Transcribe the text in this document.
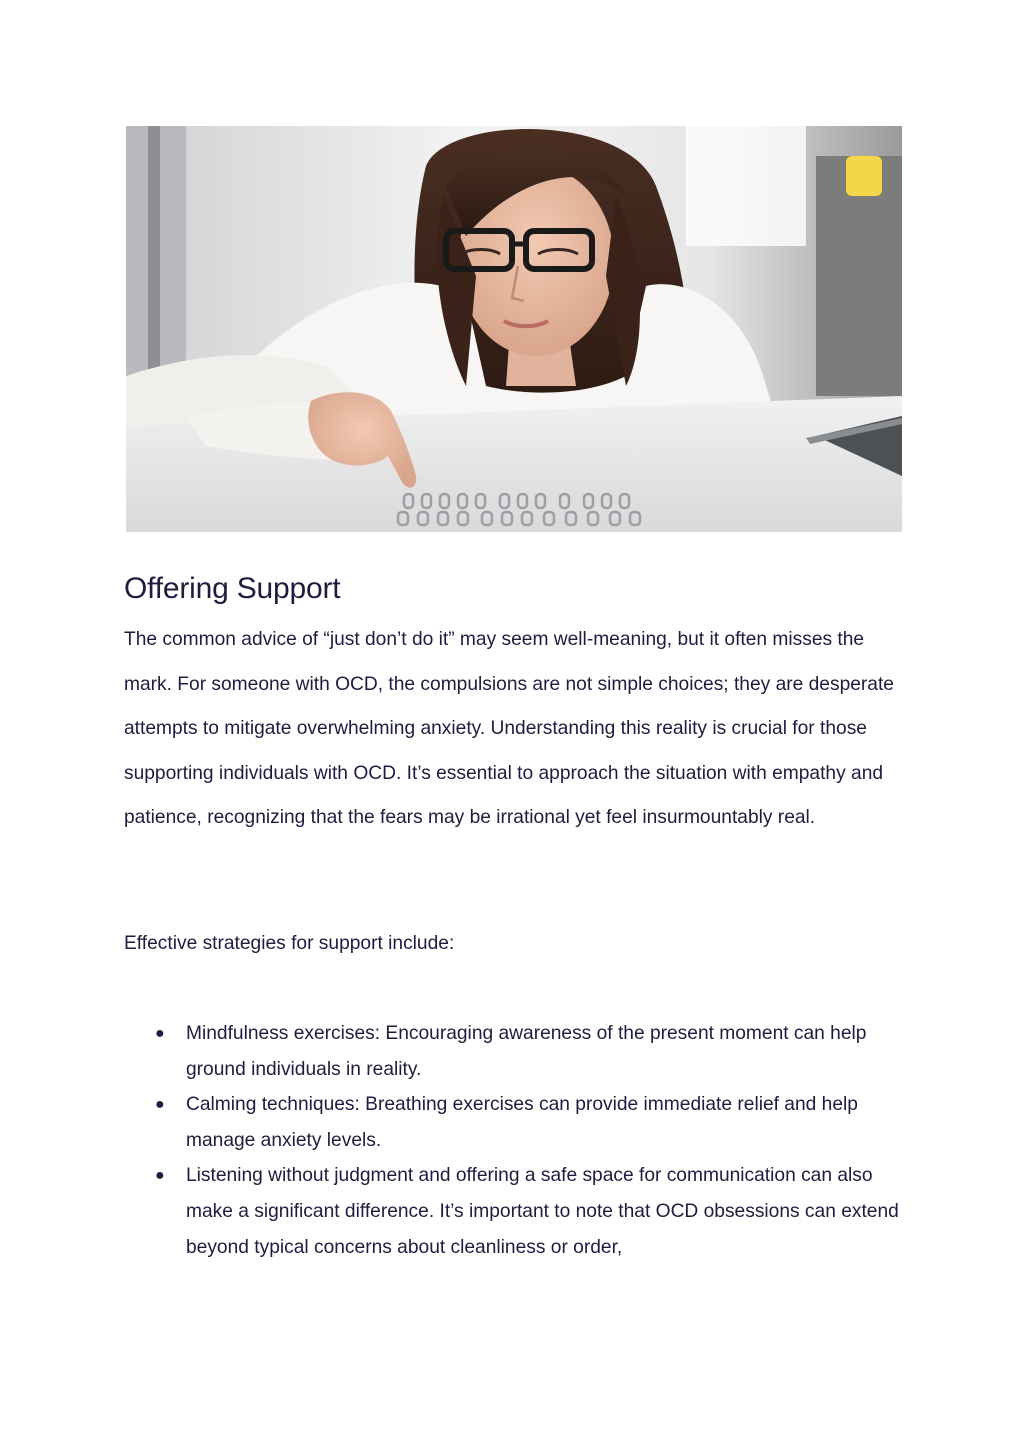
Offering Support

The common advice of “just don’t do it” may seem well-meaning, but it often misses the mark. For someone with OCD, the compulsions are not simple choices; they are desperate attempts to mitigate overwhelming anxiety. Understanding this reality is crucial for those supporting individuals with OCD. It’s essential to approach the situation with empathy and patience, recognizing that the fears may be irrational yet feel insurmountably real.

Effective strategies for support include:

● Mindfulness exercises: Encouraging awareness of the present moment can help ground individuals in reality.
● Calming techniques: Breathing exercises can provide immediate relief and help manage anxiety levels.
● Listening without judgment and offering a safe space for communication can also make a significant difference. It’s important to note that OCD obsessions can extend beyond typical concerns about cleanliness or order,
